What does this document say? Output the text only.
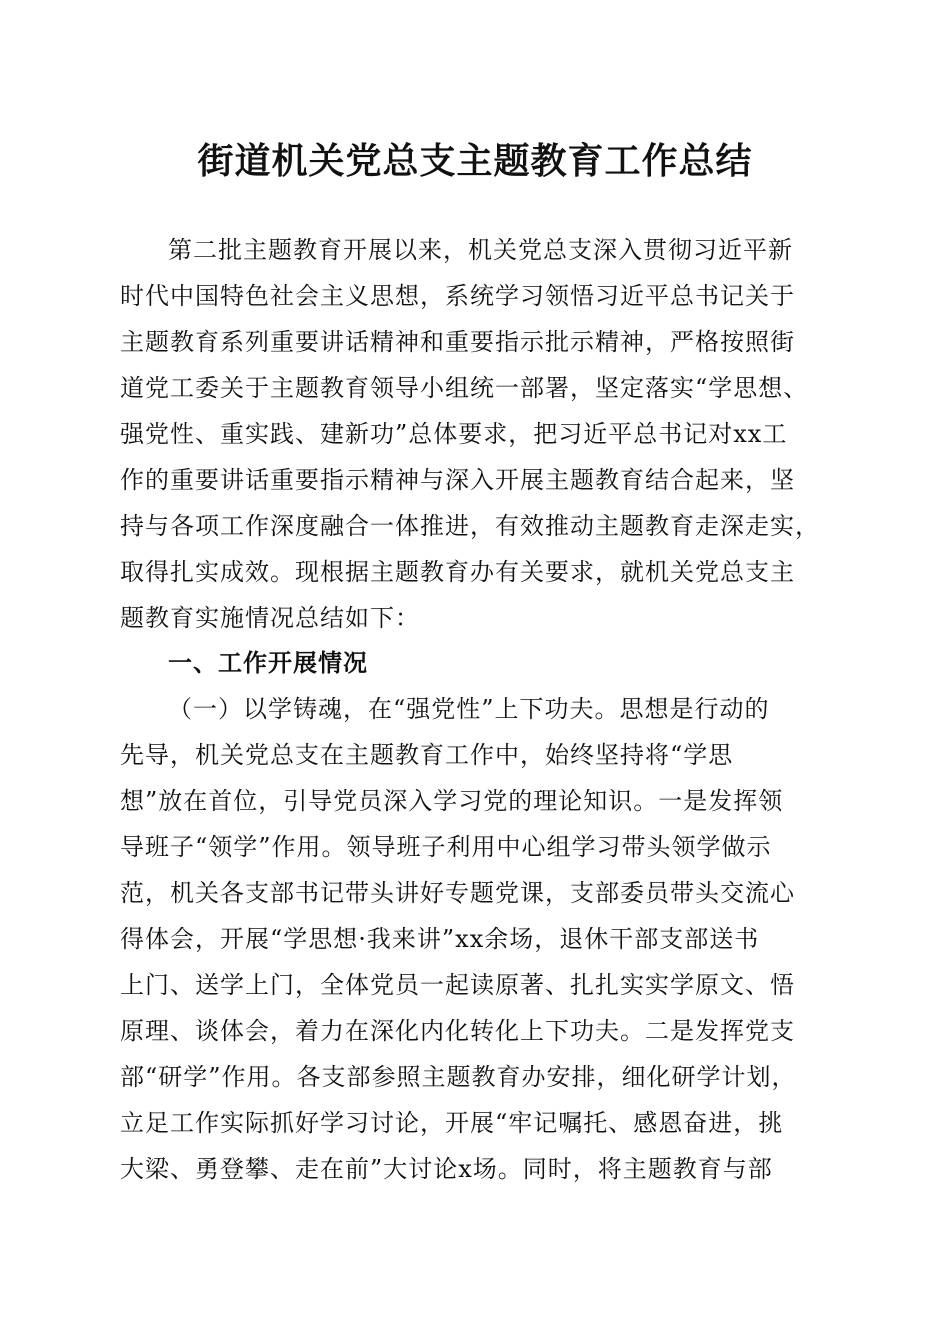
街道机关党总支主题教育工作总结
第二批主题教育开展以来，机关党总支深入贯彻习近平新
时代中国特色社会主义思想，系统学习领悟习近平总书记关于
主题教育系列重要讲话精神和重要指示批示精神，严格按照街
道党工委关于主题教育领导小组统一部署，坚定落实“学思想、
强党性、重实践、建新功”总体要求，把习近平总书记对xx工
作的重要讲话重要指示精神与深入开展主题教育结合起来，坚
持与各项工作深度融合一体推进，有效推动主题教育走深走实，
取得扎实成效。现根据主题教育办有关要求，就机关党总支主
题教育实施情况总结如下：
一、工作开展情况
（一）以学铸魂，在“强党性”上下功夫。思想是行动的
先导，机关党总支在主题教育工作中，始终坚持将“学思
想”放在首位，引导党员深入学习党的理论知识。一是发挥领
导班子“领学”作用。领导班子利用中心组学习带头领学做示
范，机关各支部书记带头讲好专题党课，支部委员带头交流心
得体会，开展“学思想·我来讲”xx余场，退休干部支部送书
上门、送学上门，全体党员一起读原著、扎扎实实学原文、悟
原理、谈体会，着力在深化内化转化上下功夫。二是发挥党支
部“研学”作用。各支部参照主题教育办安排，细化研学计划，
立足工作实际抓好学习讨论，开展“牢记嘱托、感恩奋进，挑
大梁、勇登攀、走在前”大讨论x场。同时，将主题教育与部
